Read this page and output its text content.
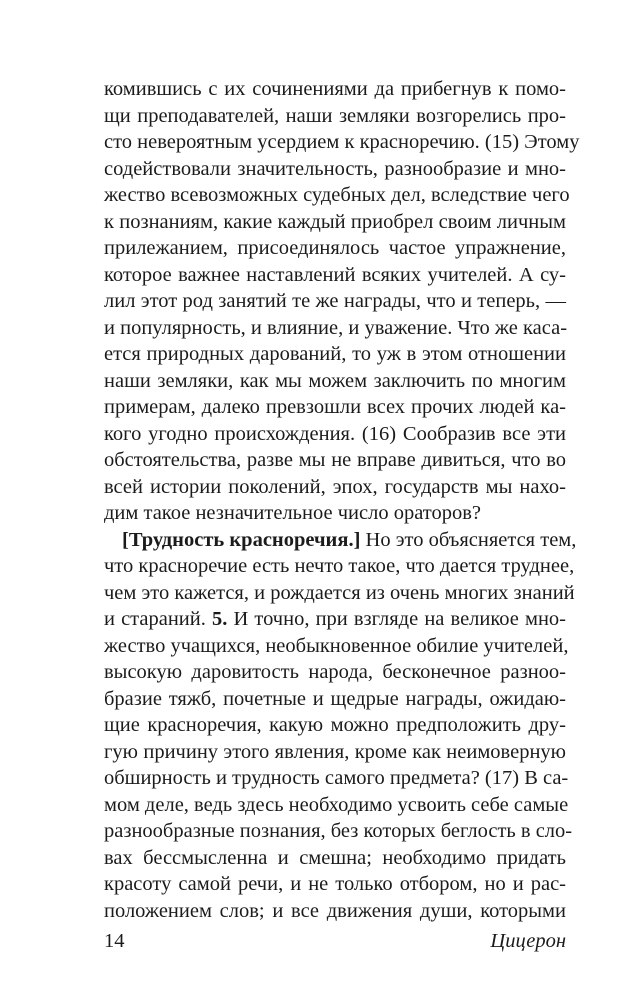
комившись с их сочинениями да прибегнув к помо-
щи преподавателей, наши земляки возгорелись про-
сто невероятным усердием к красноречию. (15) Этому
содействовали значительность, разнообразие и мно-
жество всевозможных судебных дел, вследствие чего
к познаниям, какие каждый приобрел своим личным
прилежанием, присоединялось частое упражнение,
которое важнее наставлений всяких учителей. А су-
лил этот род занятий те же награды, что и теперь, —
и популярность, и влияние, и уважение. Что же каса-
ется природных дарований, то уж в этом отношении
наши земляки, как мы можем заключить по многим
примерам, далеко превзошли всех прочих людей ка-
кого угодно происхождения. (16) Сообразив все эти
обстоятельства, разве мы не вправе дивиться, что во
всей истории поколений, эпох, государств мы нахо-
дим такое незначительное число ораторов?
[Трудность красноречия.] Но это объясняется тем,
что красноречие есть нечто такое, что дается труднее,
чем это кажется, и рождается из очень многих знаний
и стараний. 5. И точно, при взгляде на великое мно-
жество учащихся, необыкновенное обилие учителей,
высокую даровитость народа, бесконечное разноо-
бразие тяжб, почетные и щедрые награды, ожидаю-
щие красноречия, какую можно предположить дру-
гую причину этого явления, кроме как неимоверную
обширность и трудность самого предмета? (17) В са-
мом деле, ведь здесь необходимо усвоить себе самые
разнообразные познания, без которых беглость в сло-
вах бессмысленна и смешна; необходимо придать
красоту самой речи, и не только отбором, но и рас-
положением слов; и все движения души, которыми
14	Цицерон
